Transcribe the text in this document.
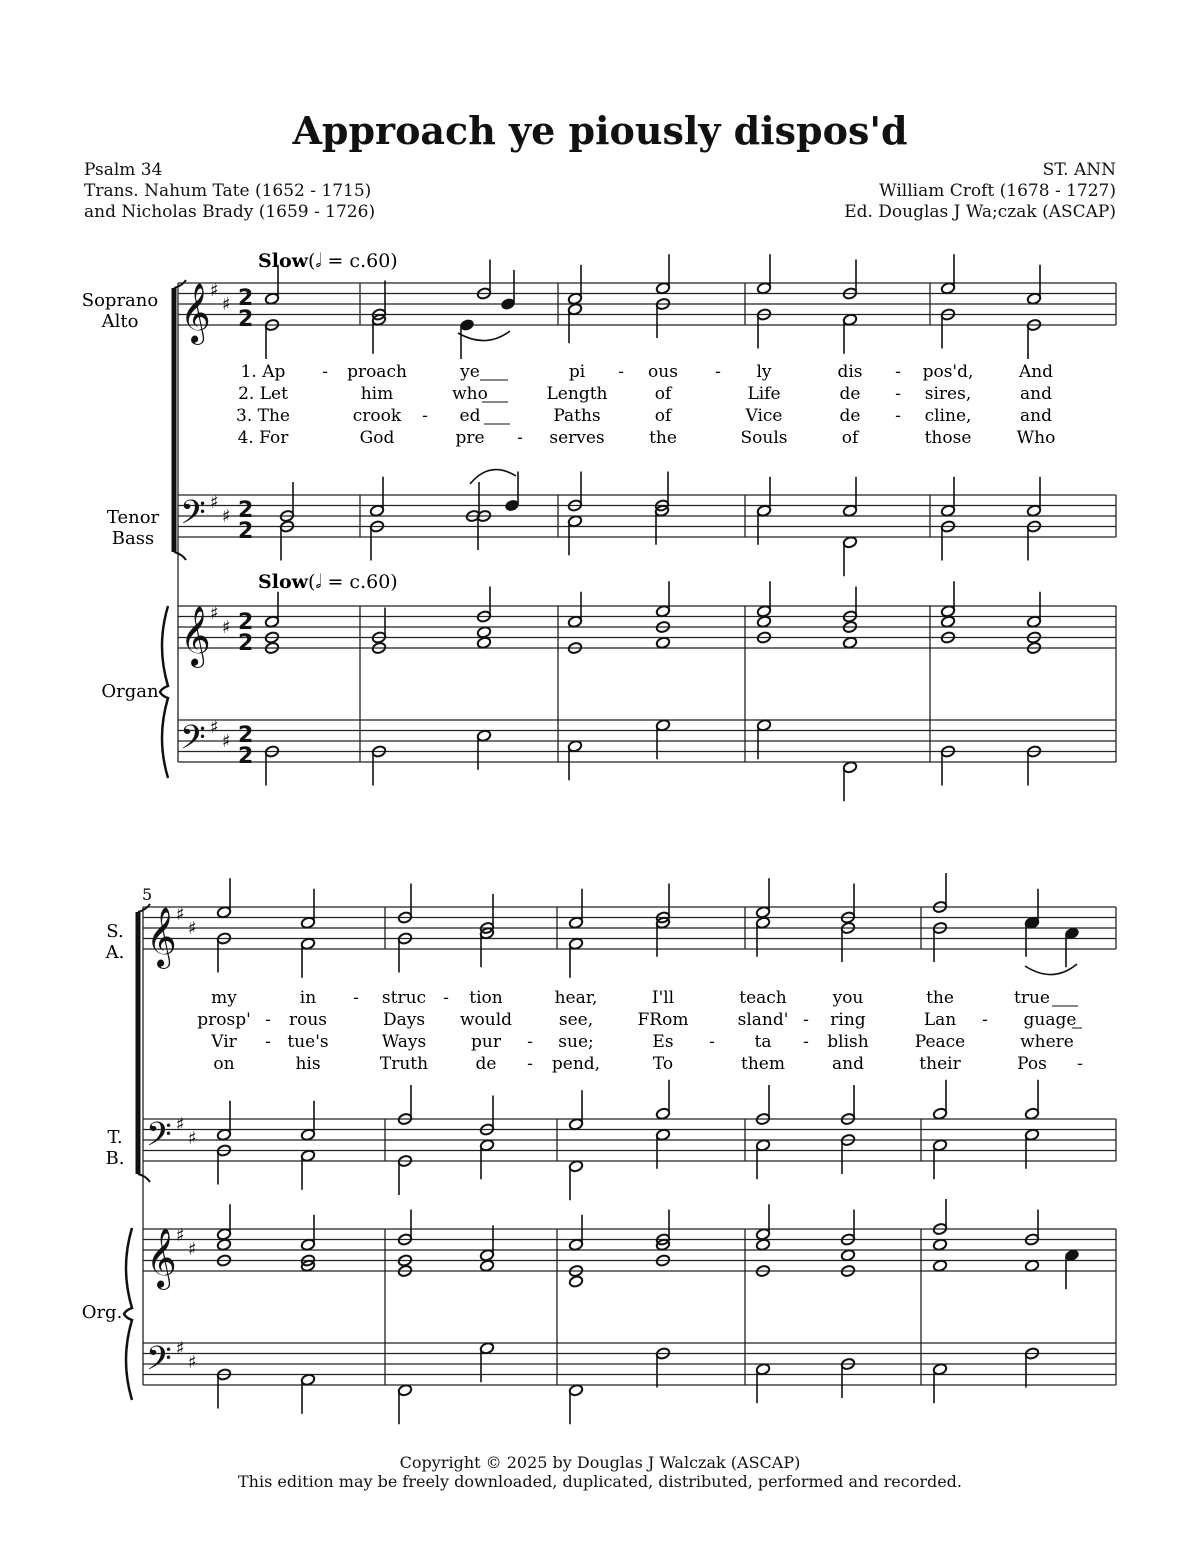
Approach ye piously dispos'd
Psalm 34
Trans. Nahum Tate (1652 - 1715)
and Nicholas Brady (1659 - 1726)
ST. ANN
William Croft (1678 - 1727)
Ed. Douglas J Wa;czak (ASCAP)
Slow(𝅗𝅥 = c.60)
Soprano
Alto
Tenor
Bass
Organ
Slow(𝅗𝅥 = c.60)
𝄞
𝄢
𝄞
𝄢
♯
♯
♯
♯
♯
♯
♯
♯
2
2
2
2
2
2
2
2
1. Ap - proach	ye	pi - ous - ly	dis - pos'd,	And
2. Let	him	who	Length	of	Life	de - sires,	and
3. The	crook - ed	Paths	of	Vice	de - cline,	and
4. For	God	pre - serves	the	Souls	of	those	Who
5
S.
A.
T.
B.
Org.
𝄞
𝄢
𝄞
𝄢
♯
♯
♯
♯
♯
♯
♯
♯
my	in - struc - tion	hear,	I'll	teach	you	the	true
prosp' - rous	Days would	see,	FRom	sland' - ring	Lan - guage
Vir - tue's	Ways	pur - sue;	Es - ta - blish	Peace	where
on	his	Truth	de - pend,	To	them	and	their	Pos -
Copyright © 2025 by Douglas J Walczak (ASCAP)
This edition may be freely downloaded, duplicated, distributed, performed and recorded.
